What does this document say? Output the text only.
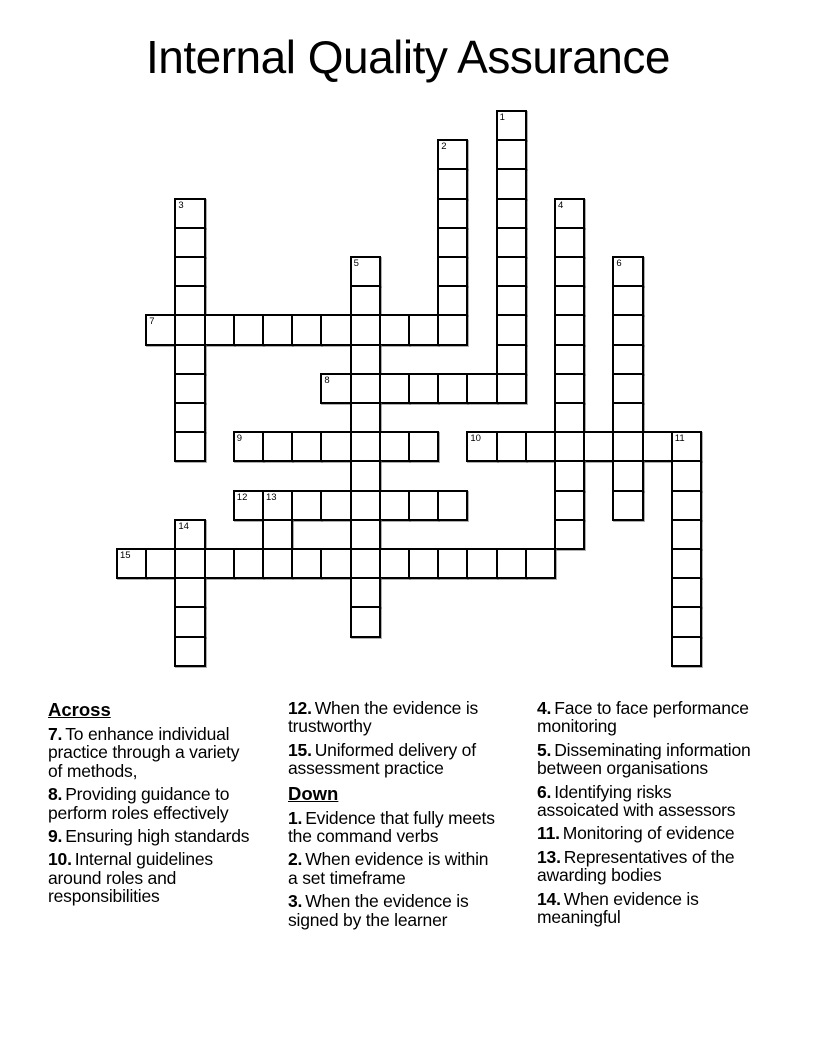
Internal Quality Assurance
1
2
3	4
5	6
7
8
9	10	11
12 13
14
15
Across
7. To enhance individual practice through a variety of methods,
8. Providing guidance to perform roles effectively
9. Ensuring high standards
10. Internal guidelines around roles and responsibilities
12. When the evidence is trustworthy
15. Uniformed delivery of assessment practice
Down
1. Evidence that fully meets the command verbs
2. When evidence is within a set timeframe
3. When the evidence is signed by the learner
4. Face to face performance monitoring
5. Disseminating information between organisations
6. Identifying risks assoicated with assessors
11. Monitoring of evidence
13. Representatives of the awarding bodies
14. When evidence is meaningful
